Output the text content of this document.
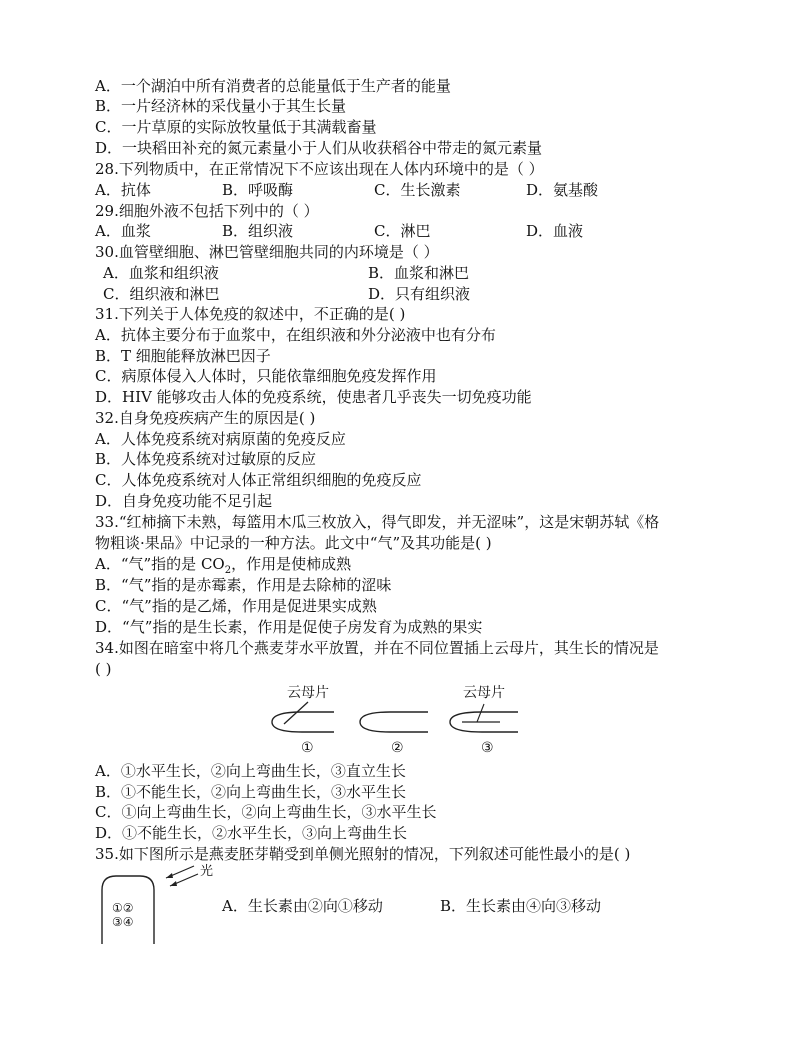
A．一个湖泊中所有消费者的总能量低于生产者的能量
B．一片经济林的采伐量小于其生长量
C．一片草原的实际放牧量低于其满载畜量
D．一块稻田补充的氮元素量小于人们从收获稻谷中带走的氮元素量
28.下列物质中，在正常情况下不应该出现在人体内环境中的是（ ）
A．抗体	B．呼吸酶	C．生长激素	D．氨基酸
29.细胞外液不包括下列中的（ ）
A．血浆	B．组织液	C．淋巴	D．血液
30.血管壁细胞、淋巴管壁细胞共同的内环境是（ ）
A．血浆和组织液	B．血浆和淋巴
C．组织液和淋巴	D．只有组织液
31.下列关于人体免疫的叙述中，不正确的是( )
A．抗体主要分布于血浆中，在组织液和外分泌液中也有分布
B．T 细胞能释放淋巴因子
C．病原体侵入人体时，只能依靠细胞免疫发挥作用
D．HIV 能够攻击人体的免疫系统，使患者几乎丧失一切免疫功能
32.自身免疫疾病产生的原因是( )
A．人体免疫系统对病原菌的免疫反应
B．人体免疫系统对过敏原的反应
C．人体免疫系统对人体正常组织细胞的免疫反应
D．自身免疫功能不足引起
33.“红柿摘下未熟，每篮用木瓜三枚放入，得气即发，并无涩味”，这是宋朝苏轼《格
物粗谈·果品》中记录的一种方法。此文中“气”及其功能是( )
A．“气”指的是 $CO_2$，作用是使柿成熟
B．“气”指的是赤霉素，作用是去除柿的涩味
C．“气”指的是乙烯，作用是促进果实成熟
D．“气”指的是生长素，作用是促使子房发育为成熟的果实
34.如图在暗室中将几个燕麦芽水平放置，并在不同位置插上云母片，其生长的情况是
( )
云母片	云母片
①	②	③
A．①水平生长，②向上弯曲生长，③直立生长
B．①不能生长，②向上弯曲生长，③水平生长
C．①向上弯曲生长，②向上弯曲生长，③水平生长
D．①不能生长，②水平生长，③向上弯曲生长
35.如下图所示是燕麦胚芽鞘受到单侧光照射的情况，下列叙述可能性最小的是( )
光
①②
③④
A．生长素由②向①移动	B．生长素由④向③移动
